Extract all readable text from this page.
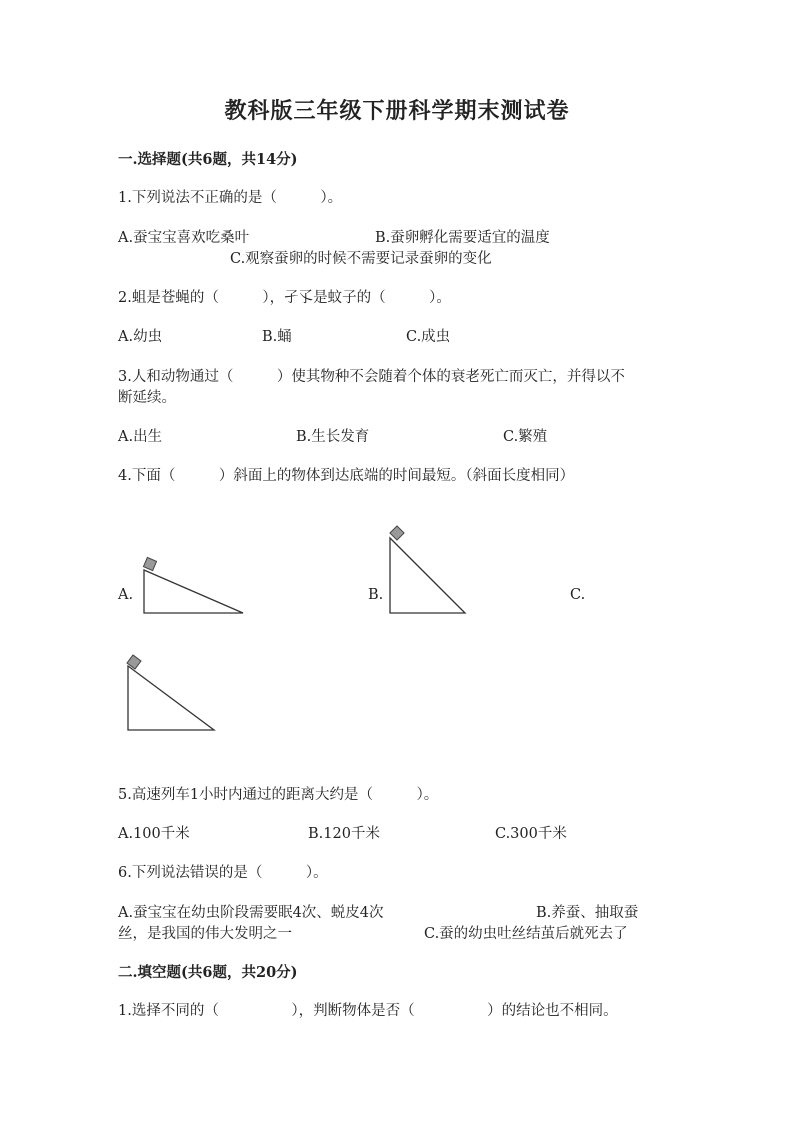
教科版三年级下册科学期末测试卷
一.选择题(共6题，共14分)
1.下列说法不正确的是（　　　）。
A.蚕宝宝喜欢吃桑叶	B.蚕卵孵化需要适宜的温度
C.观察蚕卵的时候不需要记录蚕卵的变化
2.蛆是苍蝇的（　　　），孑孓是蚊子的（　　　）。
A.幼虫	B.蛹	C.成虫
3.人和动物通过（　　　）使其物种不会随着个体的衰老死亡而灭亡，并得以不
断延续。
A.出生	B.生长发育	C.繁殖
4.下面（　　　）斜面上的物体到达底端的时间最短。（斜面长度相同）
A.	B.	C.
5.高速列车1小时内通过的距离大约是（　　　）。
A.100千米	B.120千米	C.300千米
6.下列说法错误的是（　　　）。
A.蚕宝宝在幼虫阶段需要眠4次、蜕皮4次	B.养蚕、抽取蚕
丝，是我国的伟大发明之一	C.蚕的幼虫吐丝结茧后就死去了
二.填空题(共6题，共20分)
1.选择不同的（　　　　　），判断物体是否（　　　　　）的结论也不相同。
